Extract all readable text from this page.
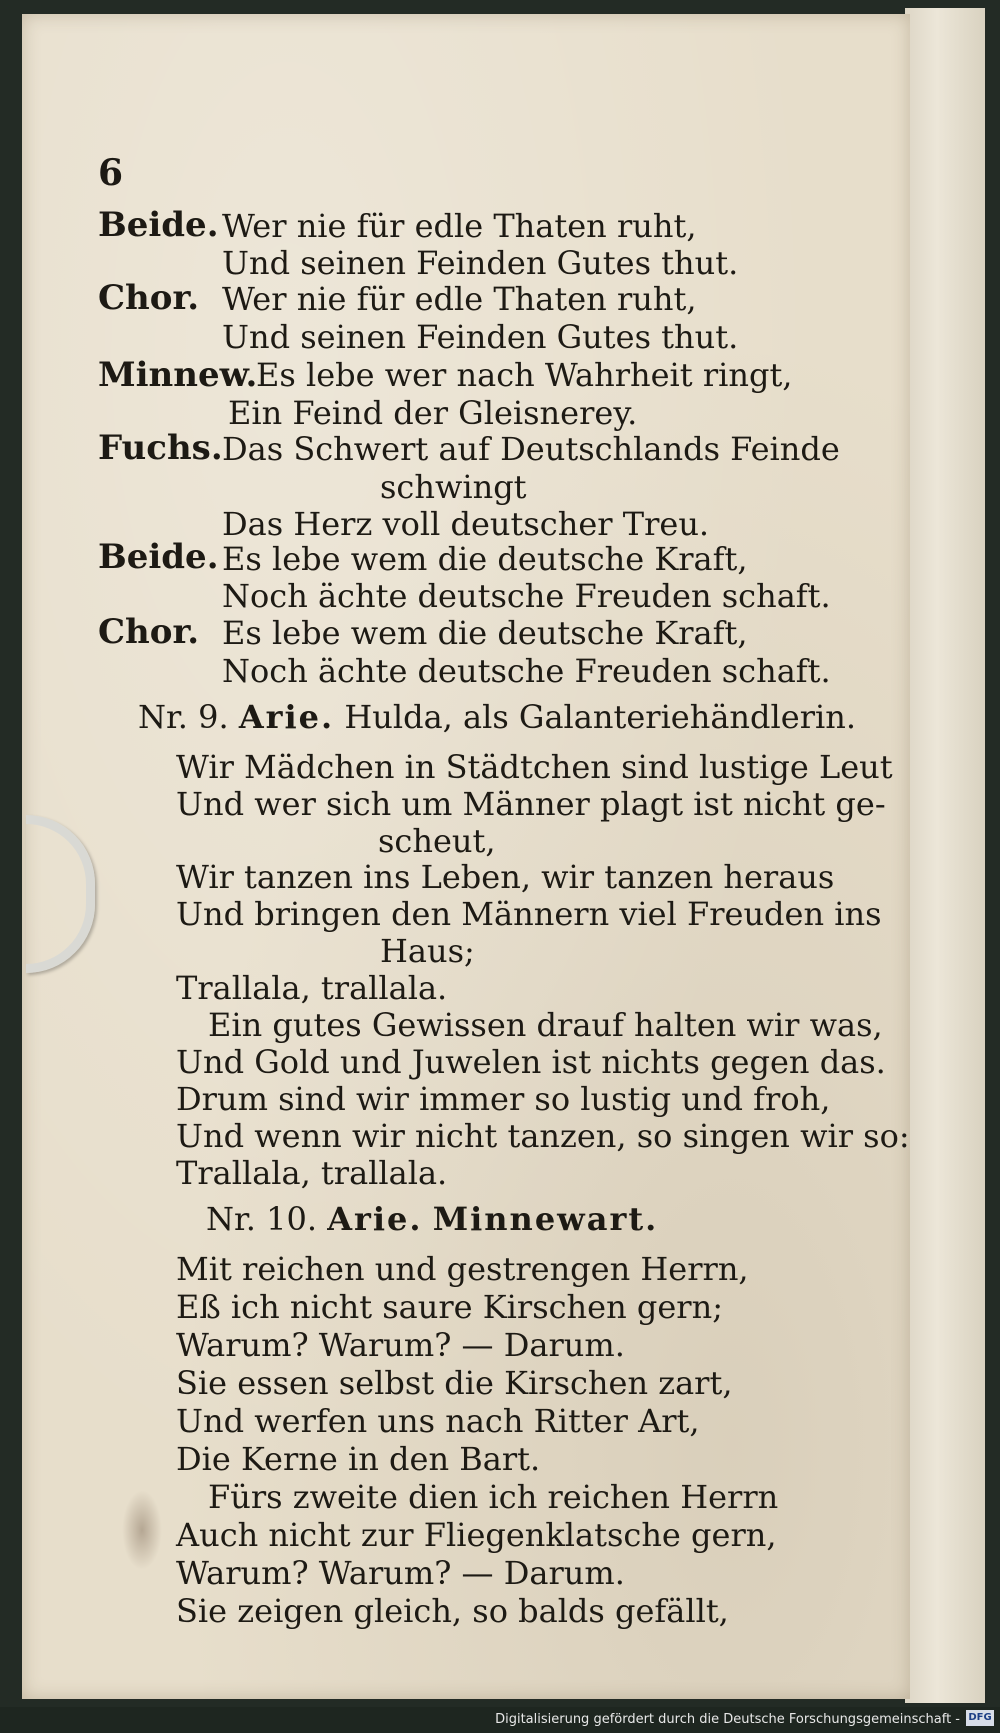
6
Beide. Wer nie für edle Thaten ruht,
Und seinen Feinden Gutes thut.
Chor. Wer nie für edle Thaten ruht,
Und seinen Feinden Gutes thut.
Minnew.
Es lebe wer nach Wahrheit ringt,
Ein Feind der Gleisnerey.
Fuchs. Das Schwert auf Deutschlands Feinde
schwingt
Das Herz voll deutscher Treu.
Beide. Es lebe wem die deutsche Kraft,
Noch ächte deutsche Freuden schaft.
Chor. Es lebe wem die deutsche Kraft,
Noch ächte deutsche Freuden schaft.
Nr. 9. Arie. Hulda, als Galanteriehändlerin.
Wir Mädchen in Städtchen sind lustige Leut
Und wer sich um Männer plagt ist nicht ge-
scheut,
Wir tanzen ins Leben, wir tanzen heraus
Und bringen den Männern viel Freuden ins
Haus;
Trallala, trallala.
Ein gutes Gewissen drauf halten wir was,
Und Gold und Juwelen ist nichts gegen das.
Drum sind wir immer so lustig und froh,
Und wenn wir nicht tanzen, so singen wir so:
Trallala, trallala.
Nr. 10. Arie. Minnewart.
Mit reichen und gestrengen Herrn,
Eß ich nicht saure Kirschen gern;
Warum? Warum? — Darum.
Sie essen selbst die Kirschen zart,
Und werfen uns nach Ritter Art,
Die Kerne in den Bart.
Fürs zweite dien ich reichen Herrn
Auch nicht zur Fliegenklatsche gern,
Warum? Warum? — Darum.
Sie zeigen gleich, so balds gefällt,
Digitalisierung gefördert durch die Deutsche Forschungsgemeinschaft - DFG
